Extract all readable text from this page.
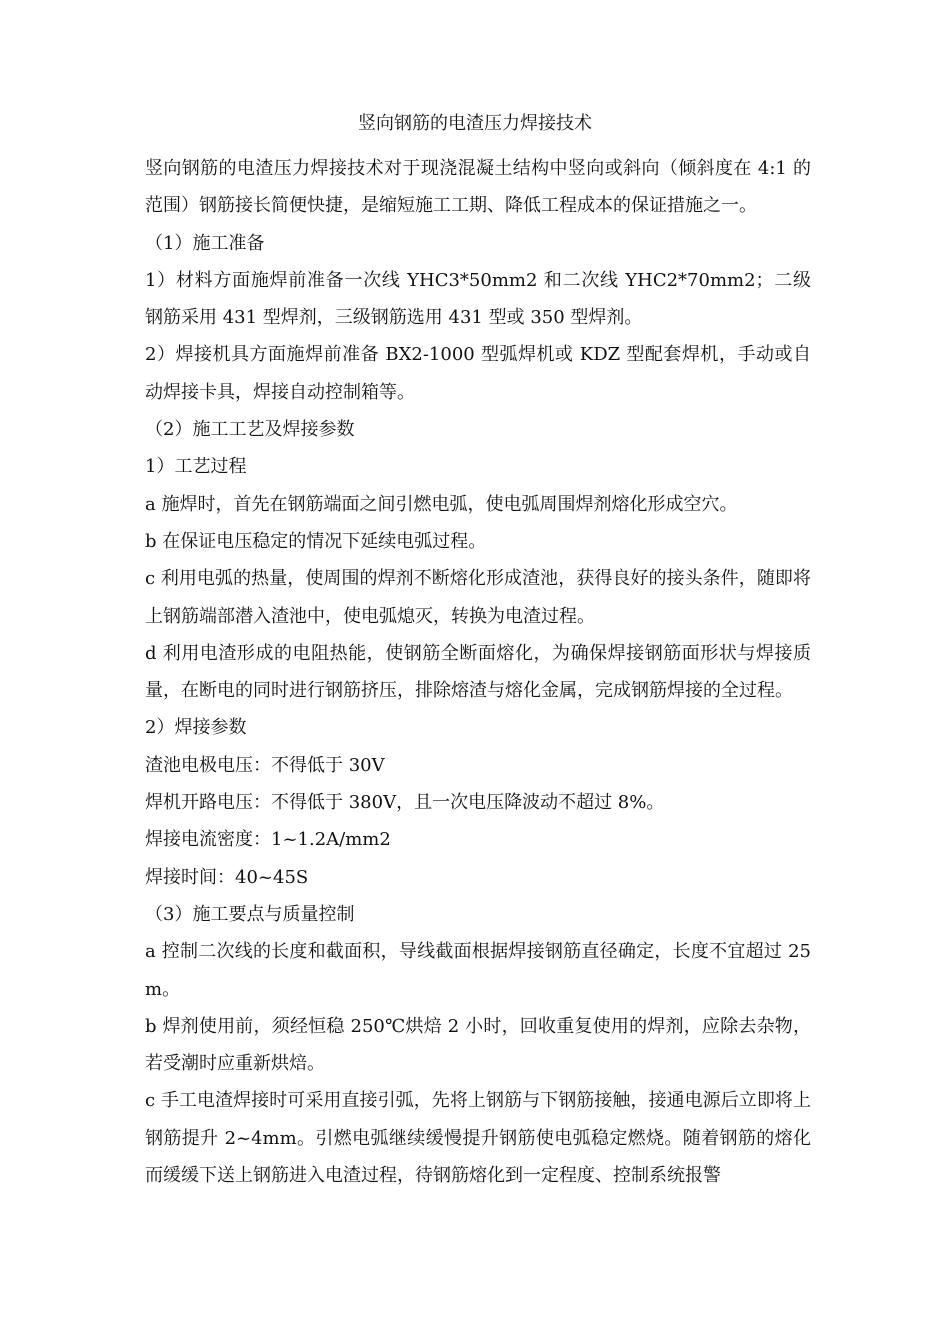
竖向钢筋的电渣压力焊接技术

竖向钢筋的电渣压力焊接技术对于现浇混凝土结构中竖向或斜向（倾斜度在 4:1 的范围）钢筋接长简便快捷，是缩短施工工期、降低工程成本的保证措施之一。

（1）施工准备

1）材料方面施焊前准备一次线 YHC3*50mm2 和二次线 YHC2*70mm2；二级钢筋采用 431 型焊剂，三级钢筋选用 431 型或 350 型焊剂。

2）焊接机具方面施焊前准备 BX2-1000 型弧焊机或 KDZ 型配套焊机，手动或自动焊接卡具，焊接自动控制箱等。

（2）施工工艺及焊接参数

1）工艺过程

a 施焊时，首先在钢筋端面之间引燃电弧，使电弧周围焊剂熔化形成空穴。

b 在保证电压稳定的情况下延续电弧过程。

c 利用电弧的热量，使周围的焊剂不断熔化形成渣池，获得良好的接头条件，随即将上钢筋端部潜入渣池中，使电弧熄灭，转换为电渣过程。

d 利用电渣形成的电阻热能，使钢筋全断面熔化，为确保焊接钢筋面形状与焊接质量，在断电的同时进行钢筋挤压，排除熔渣与熔化金属，完成钢筋焊接的全过程。

2）焊接参数

渣池电极电压：不得低于 30V

焊机开路电压：不得低于 380V，且一次电压降波动不超过 8%。

焊接电流密度：1~1.2A/mm2

焊接时间：40~45S

（3）施工要点与质量控制

a 控制二次线的长度和截面积，导线截面根据焊接钢筋直径确定，长度不宜超过 25m。

b 焊剂使用前，须经恒稳 250℃烘焙 2 小时，回收重复使用的焊剂，应除去杂物，若受潮时应重新烘焙。

c 手工电渣焊接时可采用直接引弧，先将上钢筋与下钢筋接触，接通电源后立即将上钢筋提升 2~4mm。引燃电弧继续缓慢提升钢筋使电弧稳定燃烧。随着钢筋的熔化而缓缓下送上钢筋进入电渣过程，待钢筋熔化到一定程度、控制系统报警
